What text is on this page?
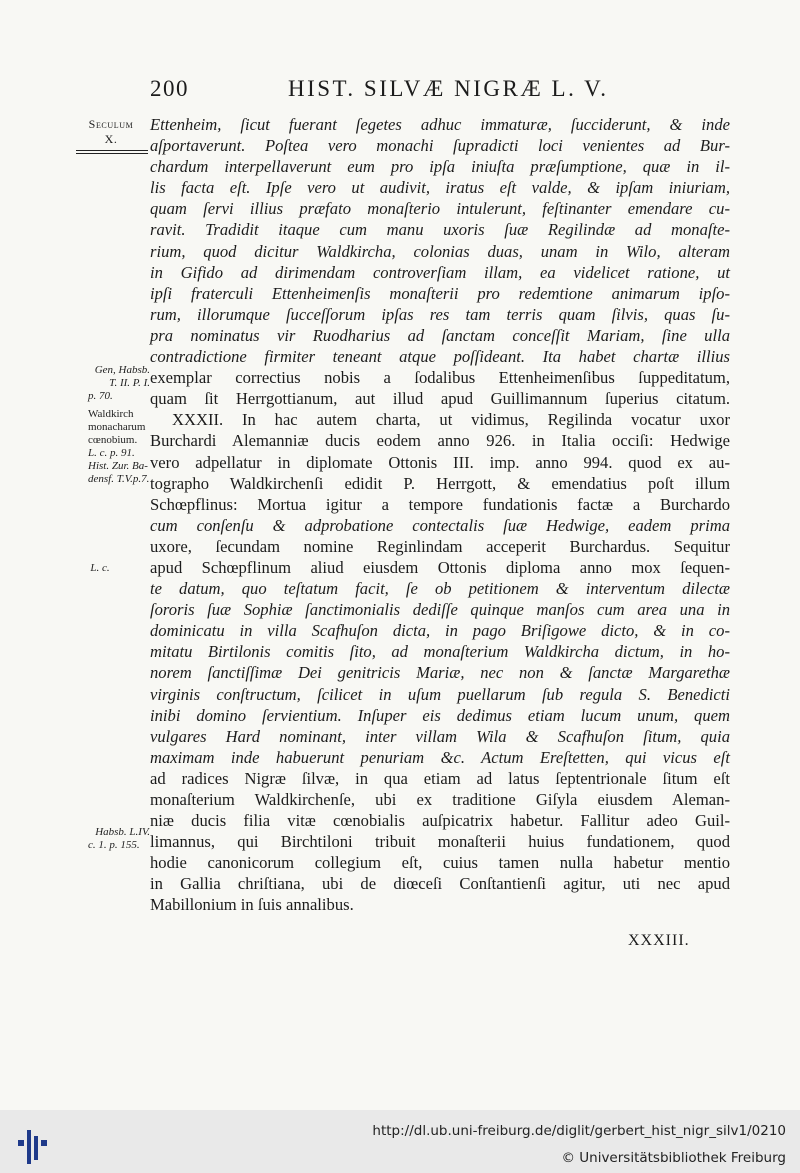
200	HIST. SILVÆ NIGRÆ L. V.
Seculum
X.
Gen, Habsb.
T. II. P. I.
p. 70.
Waldkirch
monacharum
cœnobium.
L. c. p. 91.
Hist. Zur. Ba-
densf. T.V.p.7.
L. c.
Habsb. L.IV.
c. 1. p. 155.
Ettenheim, ſicut fuerant ſegetes adhuc immaturæ, ſucciderunt, & inde
aſportaverunt. Poſtea vero monachi ſupradicti loci venientes ad Bur-
chardum interpellaverunt eum pro ipſa iniuſta præſumptione, quæ in il-
lis facta eſt. Ipſe vero ut audivit, iratus eſt valde, & ipſam iniuriam,
quam ſervi illius præfato monaſterio intulerunt, feſtinanter emendare cu-
ravit. Tradidit itaque cum manu uxoris ſuæ Regilindæ ad monaſte-
rium, quod dicitur Waldkircha, colonias duas, unam in Wilo, alteram
in Gifido ad dirimendam controverſiam illam, ea videlicet ratione, ut
ipſi fraterculi Ettenheimenſis monaſterii pro redemtione animarum ipſo-
rum, illorumque ſucceſſorum ipſas res tam terris quam ſilvis, quas ſu-
pra nominatus vir Ruodharius ad ſanctam conceſſit Mariam, ſine ulla
contradictione firmiter teneant atque poſſideant. Ita habet chartæ illius
exemplar correctius nobis a ſodalibus Ettenheimenſibus ſuppeditatum,
quam ſit Herrgottianum, aut illud apud Guillimannum ſuperius citatum.
XXXII. In hac autem charta, ut vidimus, Regilinda vocatur uxor
Burchardi Alemanniæ ducis eodem anno 926. in Italia occiſi: Hedwige
vero adpellatur in diplomate Ottonis III. imp. anno 994. quod ex au-
tographo Waldkirchenſi edidit P. Herrgott, & emendatius poſt illum
Schœpflinus: Mortua igitur a tempore fundationis factæ a Burchardo
cum conſenſu & adprobatione contectalis ſuæ Hedwige, eadem prima
uxore, ſecundam nomine Reginlindam acceperit Burchardus. Sequitur
apud Schœpflinum aliud eiusdem Ottonis diploma anno mox ſequen-
te datum, quo teſtatum facit, ſe ob petitionem & interventum dilectæ
ſororis ſuæ Sophiæ ſanctimonialis dediſſe quinque manſos cum area una in
dominicatu in villa Scafhuſon dicta, in pago Briſigowe dicto, & in co-
mitatu Birtilonis comitis ſito, ad monaſterium Waldkircha dictum, in ho-
norem ſanctiſſimæ Dei genitricis Mariæ, nec non & ſanctæ Margarethæ
virginis conſtructum, ſcilicet in uſum puellarum ſub regula S. Benedicti
inibi domino ſervientium. Inſuper eis dedimus etiam lucum unum, quem
vulgares Hard nominant, inter villam Wila & Scafhuſon ſitum, quia
maximam inde habuerunt penuriam &c. Actum Ereſtetten, qui vicus eſt
ad radices Nigræ ſilvæ, in qua etiam ad latus ſeptentrionale ſitum eſt
monaſterium Waldkirchenſe, ubi ex traditione Giſyla eiusdem Aleman-
niæ ducis filia vitæ cœnobialis auſpicatrix habetur. Fallitur adeo Guil-
limannus, qui Birchtiloni tribuit monaſterii huius fundationem, quod
hodie canonicorum collegium eſt, cuius tamen nulla habetur mentio
in Gallia chriſtiana, ubi de diœceſi Conſtantienſi agitur, uti nec apud
Mabillonium in ſuis annalibus.
XXXIII.
http://dl.ub.uni-freiburg.de/diglit/gerbert_hist_nigr_silv1/0210
© Universitätsbibliothek Freiburg
